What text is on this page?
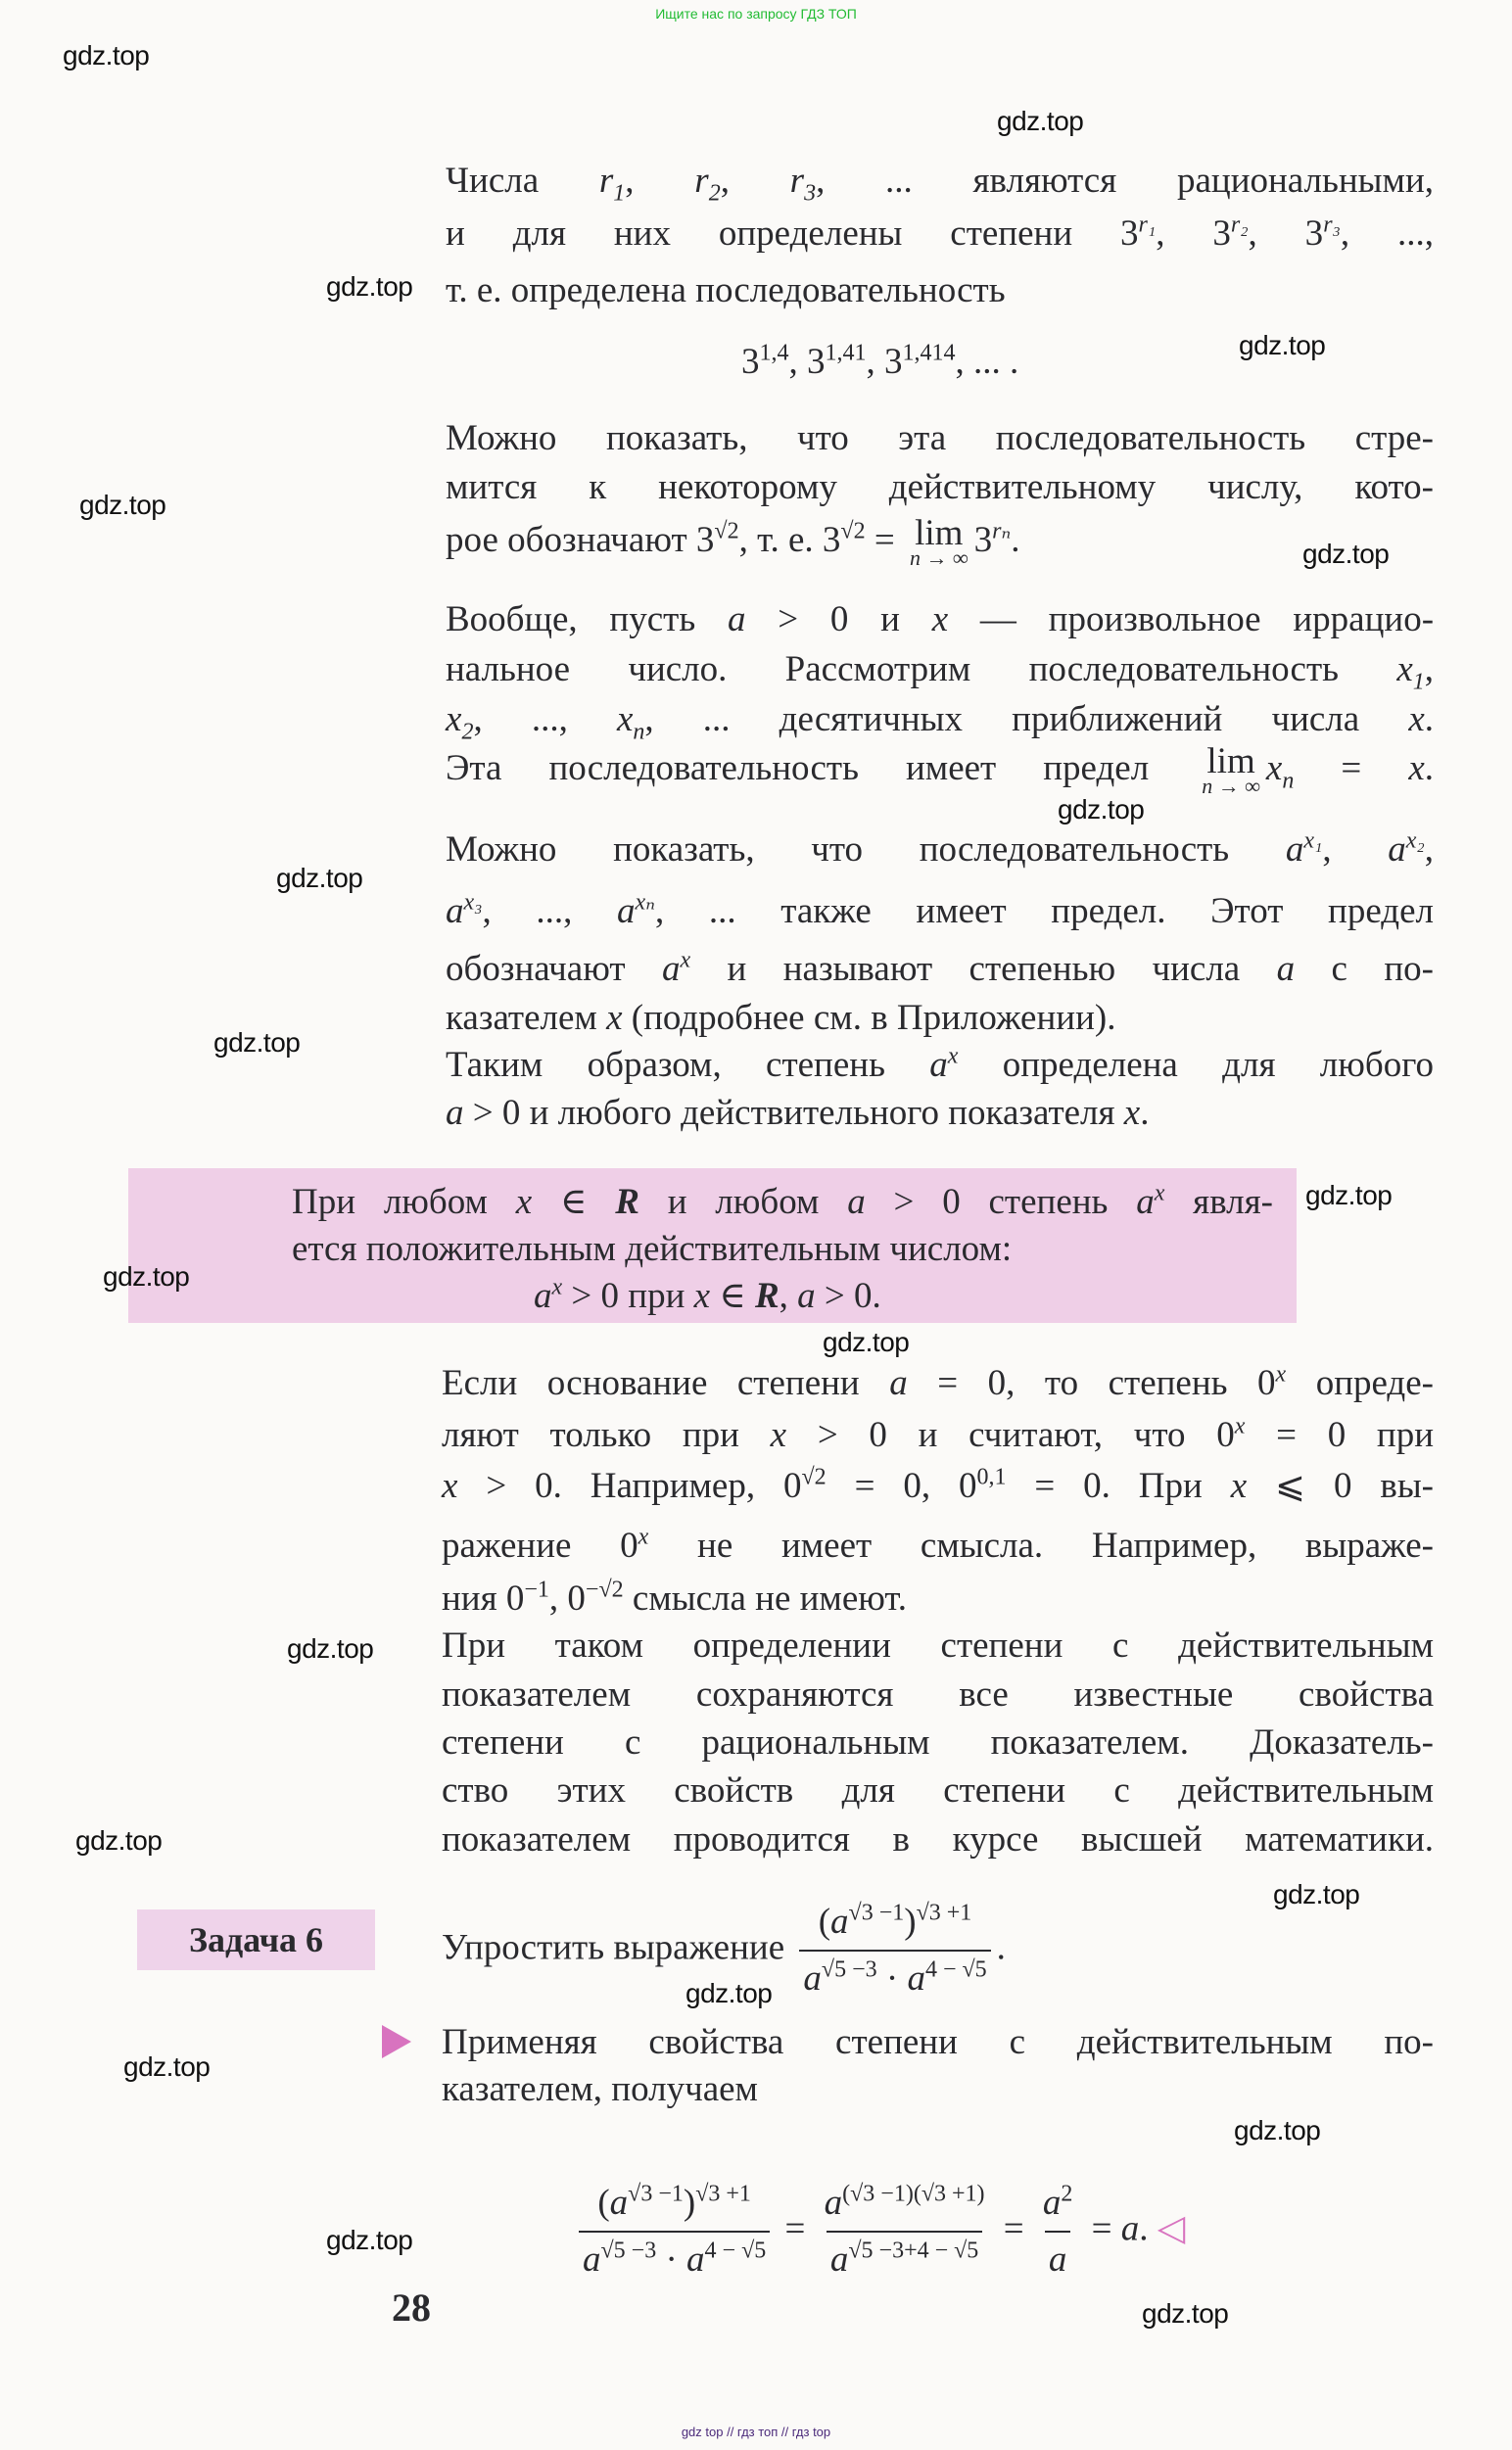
Ищите нас по запросу ГДЗ ТОП
Задача 6
Числа $r_1$, $r_2$, $r_3$, ... являются рациональными,
и для них определены степени $3^{r_1}$, $3^{r_2}$, $3^{r_3}$, ...,
т. е. определена последовательность
3$^{1,4}$, 3$^{1,41}$, 3$^{1,414}$, ... .
Можно показать, что эта последовательность стре-
мится к некоторому действительному числу, кото-
рое обозначают $3^{√2}$, т. е. $3^{√2} = \lim$
n → ∞ $3^{r_n}$.
Вообще, пусть a > 0 и x — произвольное иррацио-
нальное число. Рассмотрим последовательность $x_1$,
$x_2$, ..., $x_n$, ... десятичных приближений числа x.
Эта последовательность имеет предел lim
n → ∞ $x_n = x$.
Можно показать, что последовательность $a^{x_1}$, $a^{x_2}$,
$a^{x_3}$, ..., $a^{x_n}$, ... также имеет предел. Этот предел
обозначают $a^x$ и называют степенью числа a с по-
казателем x (подробнее см. в Приложении).
Таким образом, степень $a^x$ определена для любого
a > 0 и любого действительного показателя x.
При любом x ∈ R и любом a > 0 степень $a^x$ явля-
ется положительным действительным числом:
$a^x > 0$ при x ∈ R, a > 0.
Если основание степени a = 0, то степень 0$^x$ опреде-
ляют только при x > 0 и считают, что $0^x = 0$ при
x > 0. Например, $0^{√2} = 0$, $0^{0,1} = 0$. При x ⩽ 0 вы-
ражение 0$^x$ не имеет смысла. Например, выраже-
ния $0^{-1}$, $0^{-√2}$ смысла не имеют.
При таком определении степени с действительным
показателем сохраняются все известные свойства
степени с рациональным показателем. Доказатель-
ство этих свойств для степени с действительным
показателем проводится в курсе высшей математики.
Упростить выражение $\frac{(a^{√3 -1})^{√3 +1}}{a^{√5 -3} \cdot a^{4 - √5}}$ .
Применяя свойства степени с действительным по-
казателем, получаем
$\frac{(a^{√3 -1})^{√3 +1}}{a^{√5 -3} \cdot a^{4 - √5}} = \frac{a^{(√3 -1)(√3 +1)}}{a^{√5 -3+4 - √5}} = \frac{a^2}{a} = a$. ◁
28
gdz.top
gdz.top
gdz.top
gdz.top
gdz.top
gdz.top
gdz.top
gdz.top
gdz.top
gdz.top
gdz.top
gdz.top
gdz.top
gdz.top
gdz.top
gdz.top
gdz.top
gdz.top
gdz.top
gdz.top
gdz top // гдз топ // гдз top
